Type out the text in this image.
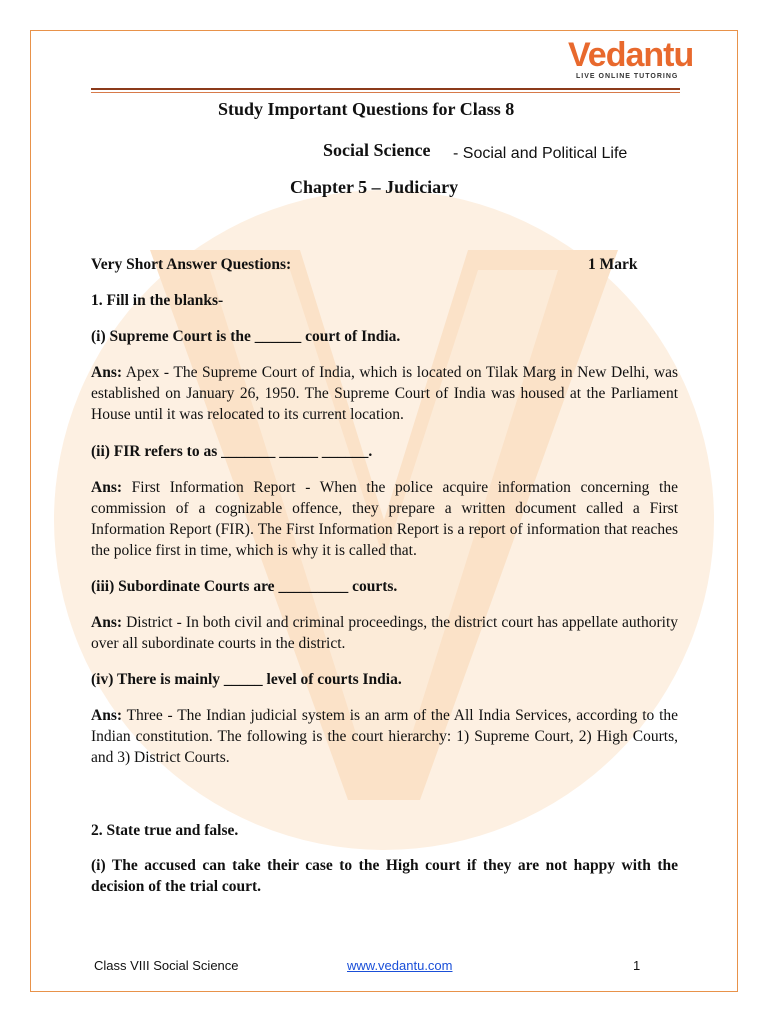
Vedantu
LIVE ONLINE TUTORING
Study Important Questions for Class 8
Social Science - Social and Political Life
Chapter 5 – Judiciary
Very Short Answer Questions:	1 Mark
1. Fill in the blanks-
(i) Supreme Court is the ______ court of India.
Ans: Apex - The Supreme Court of India, which is located on Tilak Marg in New Delhi, was established on January 26, 1950. The Supreme Court of India was housed at the Parliament House until it was relocated to its current location.
(ii) FIR refers to as _______ _____ ______.
Ans: First Information Report - When the police acquire information concerning the commission of a cognizable offence, they prepare a written document called a First Information Report (FIR). The First Information Report is a report of information that reaches the police first in time, which is why it is called that.
(iii) Subordinate Courts are _________ courts.
Ans: District - In both civil and criminal proceedings, the district court has appellate authority over all subordinate courts in the district.
(iv) There is mainly _____ level of courts India.
Ans: Three - The Indian judicial system is an arm of the All India Services, according to the Indian constitution. The following is the court hierarchy: 1) Supreme Court, 2) High Courts, and 3) District Courts.
2. State true and false.
(i) The accused can take their case to the High court if they are not happy with the decision of the trial court.
Class VIII Social Science	www.vedantu.com	1
